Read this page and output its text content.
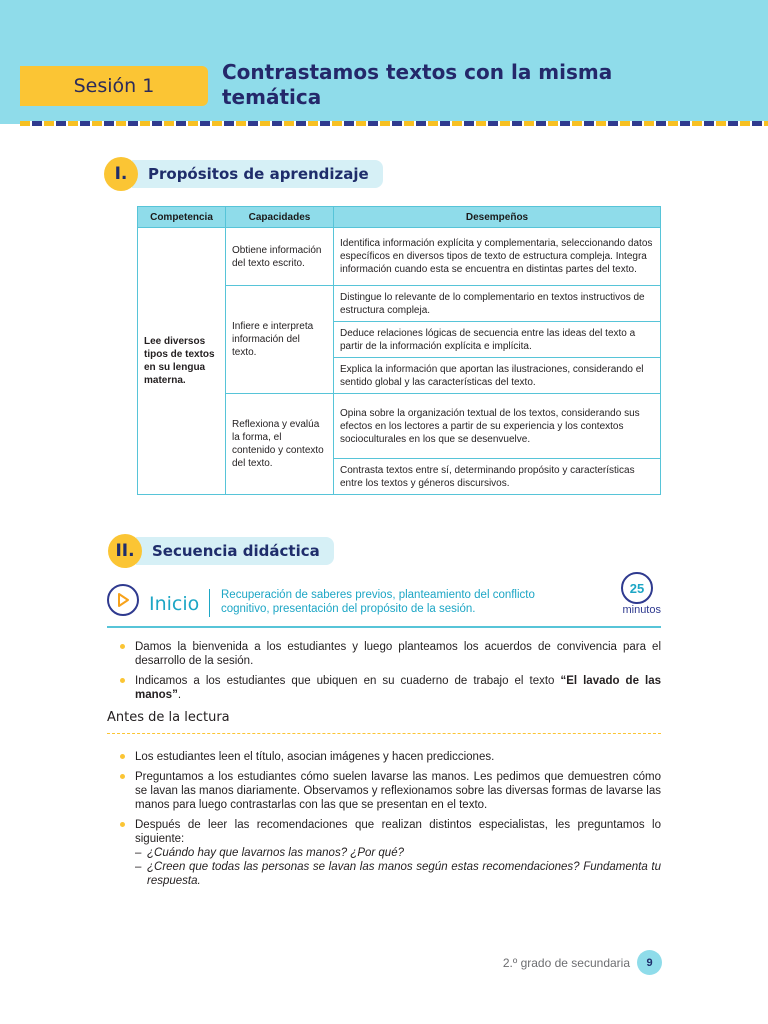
Sesión 1
Contrastamos textos con la misma temática
I.	Propósitos de aprendizaje
Competencia	Capacidades	Desempeños
Lee diversos tipos de textos en su lengua materna.	Obtiene información del texto escrito.	Identifica información explícita y complementaria, seleccionando datos específicos en diversos tipos de texto de estructura compleja. Integra información cuando esta se encuentra en distintas partes del texto.
	Infiere e interpreta información del texto.	Distingue lo relevante de lo complementario en textos instructivos de estructura compleja.
		Deduce relaciones lógicas de secuencia entre las ideas del texto a partir de la información explícita e implícita.
		Explica la información que aportan las ilustraciones, considerando el sentido global y las características del texto.
	Reflexiona y evalúa la forma, el contenido y contexto del texto.	Opina sobre la organización textual de los textos, considerando sus efectos en los lectores a partir de su experiencia y los contextos socioculturales en los que se desenvuelve.
		Contrasta textos entre sí, determinando propósito y características entre los textos y géneros discursivos.
II.	Secuencia didáctica
Inicio Recuperación de saberes previos, planteamiento del conflicto cognitivo, presentación del propósito de la sesión.
25
minutos
Damos la bienvenida a los estudiantes y luego planteamos los acuerdos de convivencia para el desarrollo de la sesión.
Indicamos a los estudiantes que ubiquen en su cuaderno de trabajo el texto “El lavado de las manos”.
Antes de la lectura
Los estudiantes leen el título, asocian imágenes y hacen predicciones.
Preguntamos a los estudiantes cómo suelen lavarse las manos. Les pedimos que demuestren cómo se lavan las manos diariamente. Observamos y reflexionamos sobre las diversas formas de lavarse las manos para luego contrastarlas con las que se presentan en el texto.
Después de leer las recomendaciones que realizan distintos especialistas, les preguntamos lo siguiente:
– ¿Cuándo hay que lavarnos las manos? ¿Por qué?
– ¿Creen que todas las personas se lavan las manos según estas recomendaciones? Fundamenta tu respuesta.
2.º grado de secundaria	9
